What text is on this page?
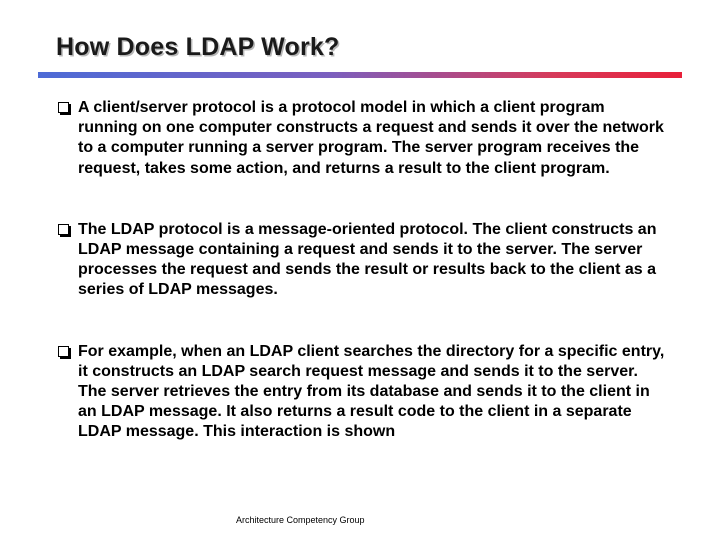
How Does LDAP Work?
A client/server protocol is a protocol model in which a client program running on one computer constructs a request and sends it over the network to a computer running a server program. The server program receives the request, takes some action, and returns a result to the client program.
The LDAP protocol is a message-oriented protocol. The client constructs an LDAP message containing a request and sends it to the server. The server processes the request and sends the result or results back to the client as a series of LDAP messages.
For example, when an LDAP client searches the directory for a specific entry, it constructs an LDAP search request message and sends it to the server. The server retrieves the entry from its database and sends it to the client in an LDAP message. It also returns a result code to the client in a separate LDAP message. This interaction is shown
Architecture Competency Group
